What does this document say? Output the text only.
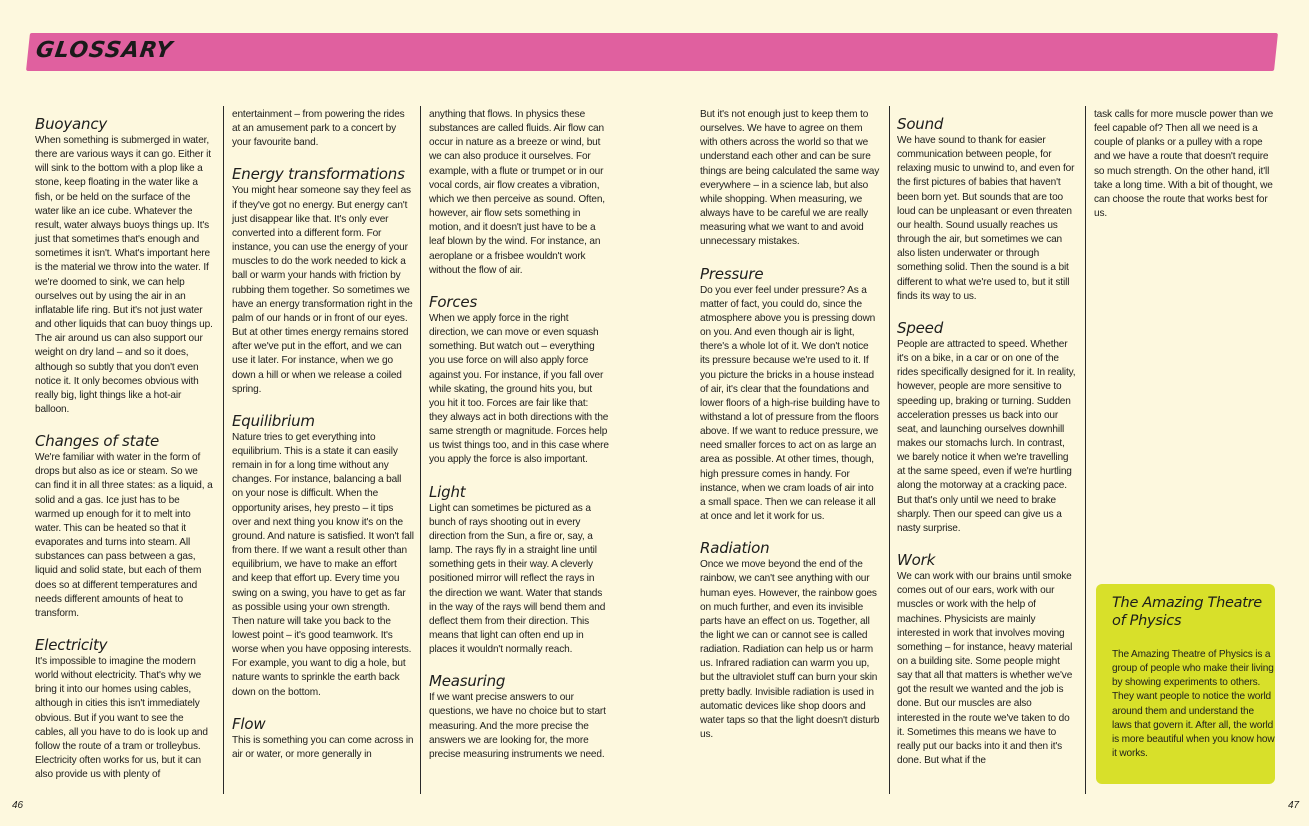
GLOSSARY
Buoyancy

When something is submerged in water, there are various ways it can go. Either it will sink to the bottom with a plop like a stone, keep floating in the water like a fish, or be held on the surface of the water like an ice cube. Whatever the result, water always buoys things up. It's just that sometimes that's enough and sometimes it isn't. What's important here is the material we throw into the water. If we're doomed to sink, we can help ourselves out by using the air in an inflatable life ring. But it's not just water and other liquids that can buoy things up. The air around us can also support our weight on dry land – and so it does, although so subtly that you don't even notice it. It only becomes obvious with really big, light things like a hot-air balloon.

Changes of state

We're familiar with water in the form of drops but also as ice or steam. So we can find it in all three states: as a liquid, a solid and a gas. Ice just has to be warmed up enough for it to melt into water. This can be heated so that it evaporates and turns into steam. All substances can pass between a gas, liquid and solid state, but each of them does so at different temperatures and needs different amounts of heat to transform.

Electricity

It's impossible to imagine the modern world without electricity. That's why we bring it into our homes using cables, although in cities this isn't immediately obvious. But if you want to see the cables, all you have to do is look up and follow the route of a tram or trolleybus. Electricity often works for us, but it can also provide us with plenty of

entertainment – from powering the rides at an amusement park to a concert by your favourite band.

Energy transformations

You might hear someone say they feel as if they've got no energy. But energy can't just disappear like that. It's only ever converted into a different form. For instance, you can use the energy of your muscles to do the work needed to kick a ball or warm your hands with friction by rubbing them together. So sometimes we have an energy transformation right in the palm of our hands or in front of our eyes. But at other times energy remains stored after we've put in the effort, and we can use it later. For instance, when we go down a hill or when we release a coiled spring.

Equilibrium

Nature tries to get everything into equilibrium. This is a state it can easily remain in for a long time without any changes. For instance, balancing a ball on your nose is difficult. When the opportunity arises, hey presto – it tips over and next thing you know it's on the ground. And nature is satisfied. It won't fall from there. If we want a result other than equilibrium, we have to make an effort and keep that effort up. Every time you swing on a swing, you have to get as far as possible using your own strength. Then nature will take you back to the lowest point – it's good teamwork. It's worse when you have opposing interests. For example, you want to dig a hole, but nature wants to sprinkle the earth back down on the bottom.

Flow

This is something you can come across in air or water, or more generally in

anything that flows. In physics these substances are called fluids. Air flow can occur in nature as a breeze or wind, but we can also produce it ourselves. For example, with a flute or trumpet or in our vocal cords, air flow creates a vibration, which we then perceive as sound. Often, however, air flow sets something in motion, and it doesn't just have to be a leaf blown by the wind. For instance, an aeroplane or a frisbee wouldn't work without the flow of air.

Forces

When we apply force in the right direction, we can move or even squash something. But watch out – everything you use force on will also apply force against you. For instance, if you fall over while skating, the ground hits you, but you hit it too. Forces are fair like that: they always act in both directions with the same strength or magnitude. Forces help us twist things too, and in this case where you apply the force is also important.

Light

Light can sometimes be pictured as a bunch of rays shooting out in every direction from the Sun, a fire or, say, a lamp. The rays fly in a straight line until something gets in their way. A cleverly positioned mirror will reflect the rays in the direction we want. Water that stands in the way of the rays will bend them and deflect them from their direction. This means that light can often end up in places it wouldn't normally reach.

Measuring

If we want precise answers to our questions, we have no choice but to start measuring. And the more precise the answers we are looking for, the more precise measuring instruments we need.

But it's not enough just to keep them to ourselves. We have to agree on them with others across the world so that we understand each other and can be sure things are being calculated the same way everywhere – in a science lab, but also while shopping. When measuring, we always have to be careful we are really measuring what we want to and avoid unnecessary mistakes.

Pressure

Do you ever feel under pressure? As a matter of fact, you could do, since the atmosphere above you is pressing down on you. And even though air is light, there's a whole lot of it. We don't notice its pressure because we're used to it. If you picture the bricks in a house instead of air, it's clear that the foundations and lower floors of a high-rise building have to withstand a lot of pressure from the floors above. If we want to reduce pressure, we need smaller forces to act on as large an area as possible. At other times, though, high pressure comes in handy. For instance, when we cram loads of air into a small space. Then we can release it all at once and let it work for us.

Radiation

Once we move beyond the end of the rainbow, we can't see anything with our human eyes. However, the rainbow goes on much further, and even its invisible parts have an effect on us. Together, all the light we can or cannot see is called radiation. Radiation can help us or harm us. Infrared radiation can warm you up, but the ultraviolet stuff can burn your skin pretty badly. Invisible radiation is used in automatic devices like shop doors and water taps so that the light doesn't disturb us.

Sound

We have sound to thank for easier communication between people, for relaxing music to unwind to, and even for the first pictures of babies that haven't been born yet. But sounds that are too loud can be unpleasant or even threaten our health. Sound usually reaches us through the air, but sometimes we can also listen underwater or through something solid. Then the sound is a bit different to what we're used to, but it still finds its way to us.

Speed

People are attracted to speed. Whether it's on a bike, in a car or on one of the rides specifically designed for it. In reality, however, people are more sensitive to speeding up, braking or turning. Sudden acceleration presses us back into our seat, and launching ourselves downhill makes our stomachs lurch. In contrast, we barely notice it when we're travelling at the same speed, even if we're hurtling along the motorway at a cracking pace. But that's only until we need to brake sharply. Then our speed can give us a nasty surprise.

Work

We can work with our brains until smoke comes out of our ears, work with our muscles or work with the help of machines. Physicists are mainly interested in work that involves moving something – for instance, heavy material on a building site. Some people might say that all that matters is whether we've got the result we wanted and the job is done. But our muscles are also interested in the route we've taken to do it. Sometimes this means we have to really put our backs into it and then it's done. But what if the

task calls for more muscle power than we feel capable of? Then all we need is a couple of planks or a pulley with a rope and we have a route that doesn't require so much strength. On the other hand, it'll take a long time. With a bit of thought, we can choose the route that works best for us.

The Amazing Theatre of Physics

The Amazing Theatre of Physics is a group of people who make their living by showing experiments to others. They want people to notice the world around them and understand the laws that govern it. After all, the world is more beautiful when you know how it works.

46	47
